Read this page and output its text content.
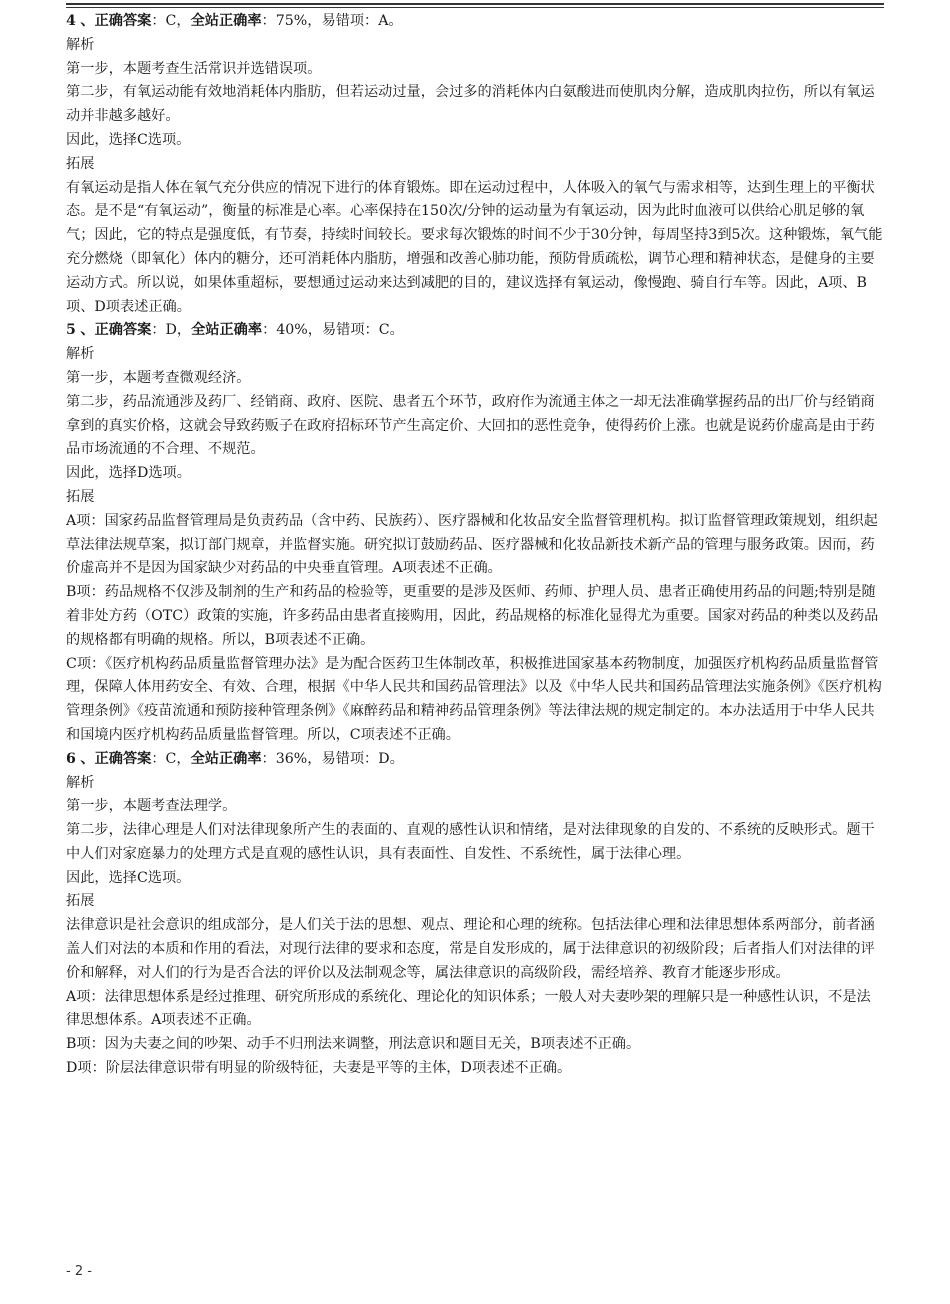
4 、正确答案：C，全站正确率：75%，易错项：A。

解析

第一步，本题考查生活常识并选错误项。

第二步，有氧运动能有效地消耗体内脂肪，但若运动过量，会过多的消耗体内白氨酸进而使肌肉分解，造成肌肉拉伤，所以有氧运动并非越多越好。

因此，选择C选项。

拓展

有氧运动是指人体在氧气充分供应的情况下进行的体育锻炼。即在运动过程中，人体吸入的氧气与需求相等，达到生理上的平衡状态。是不是“有氧运动”，衡量的标准是心率。心率保持在150次/分钟的运动量为有氧运动，因为此时血液可以供给心肌足够的氧气；因此，它的特点是强度低，有节奏，持续时间较长。要求每次锻炼的时间不少于30分钟，每周坚持3到5次。这种锻炼，氧气能充分燃烧（即氧化）体内的糖分，还可消耗体内脂肪，增强和改善心肺功能，预防骨质疏松，调节心理和精神状态，是健身的主要运动方式。所以说，如果体重超标，要想通过运动来达到减肥的目的，建议选择有氧运动，像慢跑、骑自行车等。因此，A项、B项、D项表述正确。

5 、正确答案：D，全站正确率：40%，易错项：C。

解析

第一步，本题考查微观经济。

第二步，药品流通涉及药厂、经销商、政府、医院、患者五个环节，政府作为流通主体之一却无法准确掌握药品的出厂价与经销商拿到的真实价格，这就会导致药贩子在政府招标环节产生高定价、大回扣的恶性竞争，使得药价上涨。也就是说药价虚高是由于药品市场流通的不合理、不规范。

因此，选择D选项。

拓展

A项：国家药品监督管理局是负责药品（含中药、民族药）、医疗器械和化妆品安全监督管理机构。拟订监督管理政策规划，组织起草法律法规草案，拟订部门规章，并监督实施。研究拟订鼓励药品、医疗器械和化妆品新技术新产品的管理与服务政策。因而，药价虚高并不是因为国家缺少对药品的中央垂直管理。A项表述不正确。

B项：药品规格不仅涉及制剂的生产和药品的检验等，更重要的是涉及医师、药师、护理人员、患者正确使用药品的问题;特别是随着非处方药（OTC）政策的实施，许多药品由患者直接购用，因此，药品规格的标准化显得尤为重要。国家对药品的种类以及药品的规格都有明确的规格。所以，B项表述不正确。

C项：《医疗机构药品质量监督管理办法》是为配合医药卫生体制改革，积极推进国家基本药物制度，加强医疗机构药品质量监督管理，保障人体用药安全、有效、合理，根据《中华人民共和国药品管理法》以及《中华人民共和国药品管理法实施条例》《医疗机构管理条例》《疫苗流通和预防接种管理条例》《麻醉药品和精神药品管理条例》等法律法规的规定制定的。本办法适用于中华人民共和国境内医疗机构药品质量监督管理。所以，C项表述不正确。

6 、正确答案：C，全站正确率：36%，易错项：D。

解析

第一步，本题考查法理学。

第二步，法律心理是人们对法律现象所产生的表面的、直观的感性认识和情绪，是对法律现象的自发的、不系统的反映形式。题干中人们对家庭暴力的处理方式是直观的感性认识，具有表面性、自发性、不系统性，属于法律心理。

因此，选择C选项。

拓展

法律意识是社会意识的组成部分，是人们关于法的思想、观点、理论和心理的统称。包括法律心理和法律思想体系两部分，前者涵盖人们对法的本质和作用的看法，对现行法律的要求和态度，常是自发形成的，属于法律意识的初级阶段；后者指人们对法律的评价和解释，对人们的行为是否合法的评价以及法制观念等，属法律意识的高级阶段，需经培养、教育才能逐步形成。

A项：法律思想体系是经过推理、研究所形成的系统化、理论化的知识体系；一般人对夫妻吵架的理解只是一种感性认识，不是法律思想体系。A项表述不正确。

B项：因为夫妻之间的吵架、动手不归刑法来调整，刑法意识和题目无关，B项表述不正确。

D项：阶层法律意识带有明显的阶级特征，夫妻是平等的主体，D项表述不正确。

- 2 -
